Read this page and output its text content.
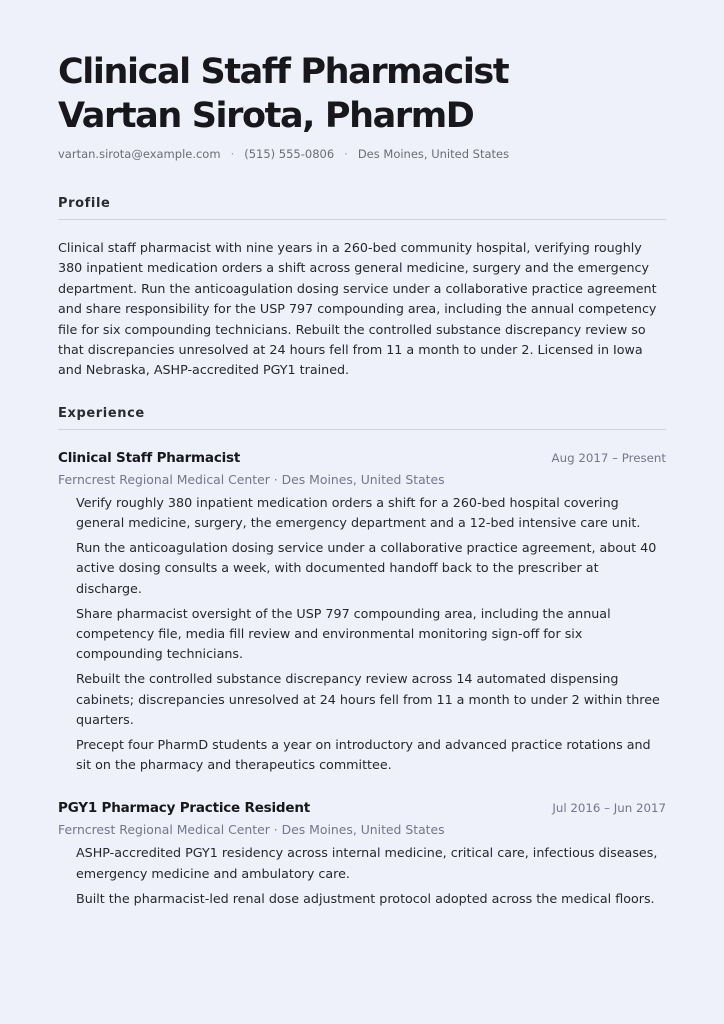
Clinical Staff Pharmacist
Vartan Sirota, PharmD
vartan.sirota@example.com · (515) 555-0806 · Des Moines, United States
Profile

Clinical staff pharmacist with nine years in a 260-bed community hospital, verifying roughly 380 inpatient medication orders a shift across general medicine, surgery and the emergency department. Run the anticoagulation dosing service under a collaborative practice agreement and share responsibility for the USP 797 compounding area, including the annual competency file for six compounding technicians. Rebuilt the controlled substance discrepancy review so that discrepancies unresolved at 24 hours fell from 11 a month to under 2. Licensed in Iowa and Nebraska, ASHP-accredited PGY1 trained.

Experience
Clinical Staff Pharmacist	Aug 2017 – Present
Ferncrest Regional Medical Center · Des Moines, United States
Verify roughly 380 inpatient medication orders a shift for a 260-bed hospital covering general medicine, surgery, the emergency department and a 12-bed intensive care unit.
Run the anticoagulation dosing service under a collaborative practice agreement, about 40 active dosing consults a week, with documented handoff back to the prescriber at discharge.
Share pharmacist oversight of the USP 797 compounding area, including the annual competency file, media fill review and environmental monitoring sign-off for six compounding technicians.
Rebuilt the controlled substance discrepancy review across 14 automated dispensing cabinets; discrepancies unresolved at 24 hours fell from 11 a month to under 2 within three quarters.
Precept four PharmD students a year on introductory and advanced practice rotations and sit on the pharmacy and therapeutics committee.
PGY1 Pharmacy Practice Resident	Jul 2016 – Jun 2017
Ferncrest Regional Medical Center · Des Moines, United States
ASHP-accredited PGY1 residency across internal medicine, critical care, infectious diseases, emergency medicine and ambulatory care.
Built the pharmacist-led renal dose adjustment protocol adopted across the medical floors.
